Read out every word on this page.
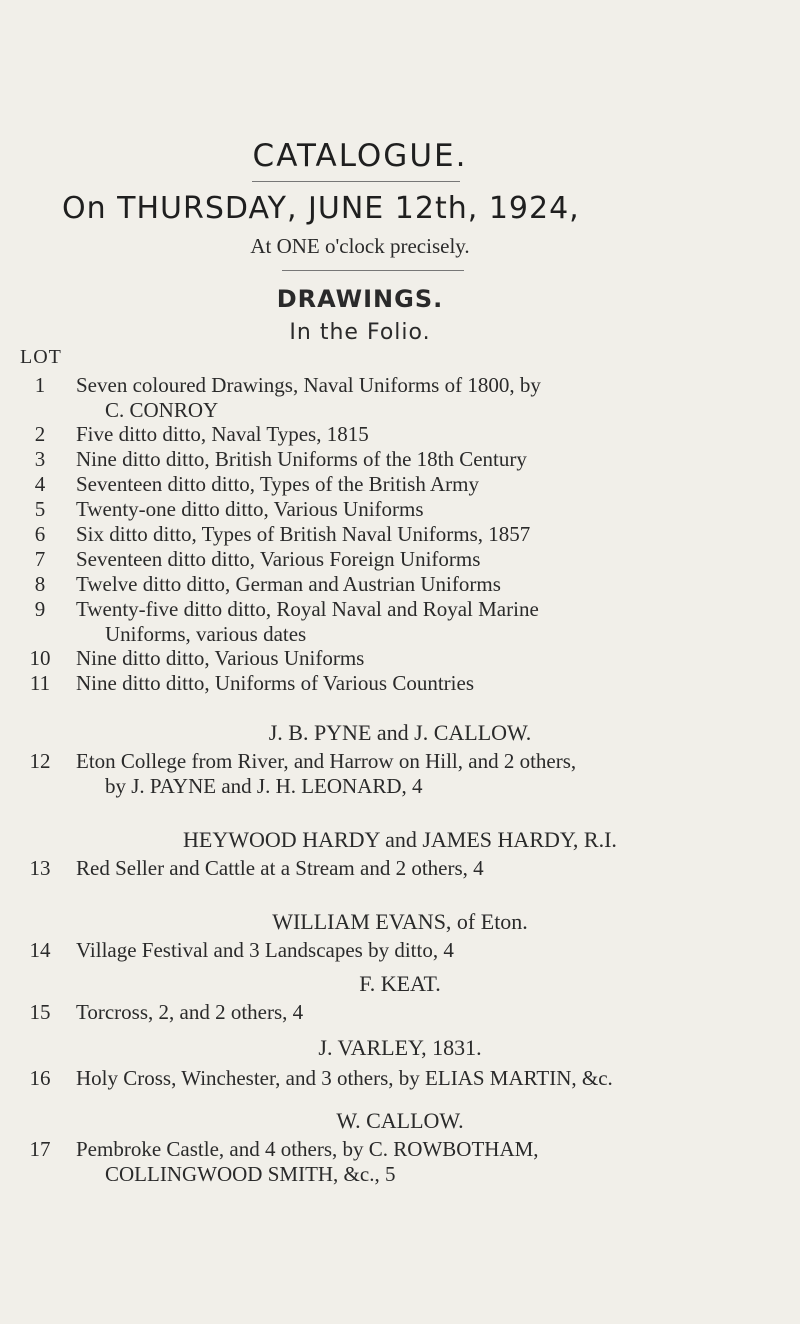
CATALOGUE.
On THURSDAY, JUNE 12th, 1924,
At ONE o'clock precisely.
DRAWINGS.
In the Folio.
LOT
1	Seven coloured Drawings, Naval Uniforms of 1800, by
C. CONROY
2	Five ditto ditto, Naval Types, 1815
3	Nine ditto ditto, British Uniforms of the 18th Century
4	Seventeen ditto ditto, Types of the British Army
5	Twenty-one ditto ditto, Various Uniforms
6	Six ditto ditto, Types of British Naval Uniforms, 1857
7	Seventeen ditto ditto, Various Foreign Uniforms
8	Twelve ditto ditto, German and Austrian Uniforms
9	Twenty-five ditto ditto, Royal Naval and Royal Marine
Uniforms, various dates
10	Nine ditto ditto, Various Uniforms
11	Nine ditto ditto, Uniforms of Various Countries
J. B. PYNE and J. CALLOW.
12	Eton College from River, and Harrow on Hill, and 2 others,
by J. PAYNE and J. H. LEONARD, 4
HEYWOOD HARDY and JAMES HARDY, R.I.
13	Red Seller and Cattle at a Stream and 2 others, 4
WILLIAM EVANS, of Eton.
14	Village Festival and 3 Landscapes by ditto, 4
F. KEAT.
15	Torcross, 2, and 2 others, 4
J. VARLEY, 1831.
16	Holy Cross, Winchester, and 3 others, by ELIAS MARTIN, &c.
W. CALLOW.
17	Pembroke Castle, and 4 others, by C. ROWBOTHAM,
COLLINGWOOD SMITH, &c., 5
